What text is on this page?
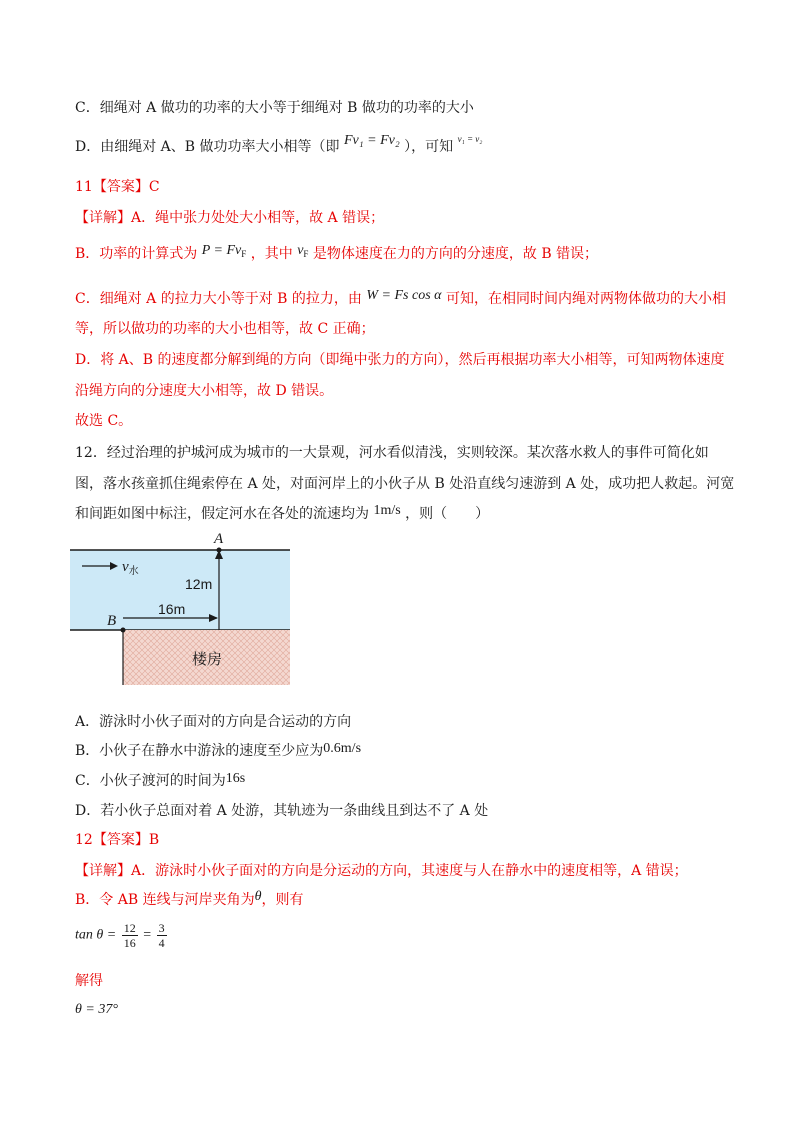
C．细绳对 A 做功的功率的大小等于细绳对 B 做功的功率的大小
D．由细绳对 A、B 做功功率大小相等（即 Fv₁ = Fv₂ ），可知 $^{v_1 = v_2}$
11【答案】C
【详解】A．绳中张力处处大小相等，故 A 错误；
B．功率的计算式为 $P = Fv_F$ ，其中 $v_F$ 是物体速度在力的方向的分速度，故 B 错误；
C．细绳对 A 的拉力大小等于对 B 的拉力，由 W = Fs cos α 可知，在相同时间内绳对两物体做功的大小相
等，所以做功的功率的大小也相等，故 C 正确；
D．将 A、B 的速度都分解到绳的方向（即绳中张力的方向），然后再根据功率大小相等，可知两物体速度
沿绳方向的分速度大小相等，故 D 错误。
故选 C。
12．经过治理的护城河成为城市的一大景观，河水看似清浅，实则较深。某次落水救人的事件可简化如
图，落水孩童抓住绳索停在 A 处，对面河岸上的小伙子从 B 处沿直线匀速游到 A 处，成功把人救起。河宽
和间距如图中标注，假定河水在各处的流速均为 1m/s ，则（　　）
$v_水$
12m
16m
A
B
楼房
A．游泳时小伙子面对的方向是合运动的方向
B．小伙子在静水中游泳的速度至少应为0.6m/s
C．小伙子渡河的时间为16s
D．若小伙子总面对着 A 处游，其轨迹为一条曲线且到达不了 A 处
12【答案】B
【详解】A．游泳时小伙子面对的方向是分运动的方向，其速度与人在静水中的速度相等，A 错误；
B．令 AB 连线与河岸夹角为θ，则有
$\tan \theta = \frac{12}{16} = \frac{3}{4}$
解得
θ = 37°
